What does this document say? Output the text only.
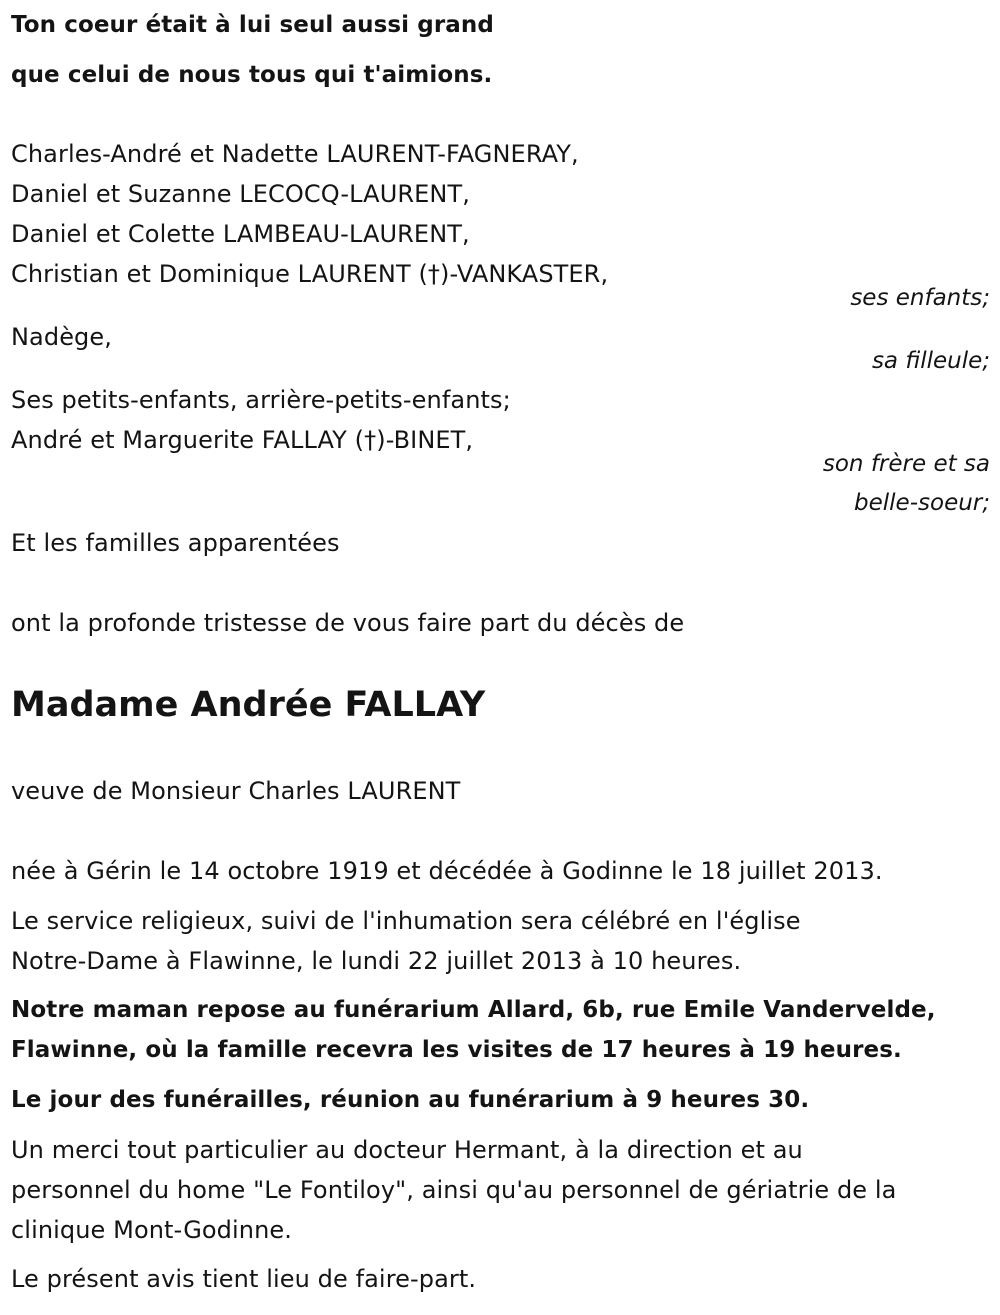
Ton coeur était à lui seul aussi grand

que celui de nous tous qui t'aimions.

Charles-André et Nadette LAURENT-FAGNERAY,

Daniel et Suzanne LECOCQ-LAURENT,

Daniel et Colette LAMBEAU-LAURENT,

Christian et Dominique LAURENT (†)-VANKASTER,

ses enfants;

Nadège,

sa filleule;

Ses petits-enfants, arrière-petits-enfants;

André et Marguerite FALLAY (†)-BINET,

son frère et sa

belle-soeur;

Et les familles apparentées

ont la profonde tristesse de vous faire part du décès de

Madame Andrée FALLAY

veuve de Monsieur Charles LAURENT

née à Gérin le 14 octobre 1919 et décédée à Godinne le 18 juillet 2013.

Le service religieux, suivi de l'inhumation sera célébré en l'église

Notre-Dame à Flawinne, le lundi 22 juillet 2013 à 10 heures.

Notre maman repose au funérarium Allard, 6b, rue Emile Vandervelde,

Flawinne, où la famille recevra les visites de 17 heures à 19 heures.

Le jour des funérailles, réunion au funérarium à 9 heures 30.

Un merci tout particulier au docteur Hermant, à la direction et au

personnel du home "Le Fontiloy", ainsi qu'au personnel de gériatrie de la

clinique Mont-Godinne.

Le présent avis tient lieu de faire-part.
